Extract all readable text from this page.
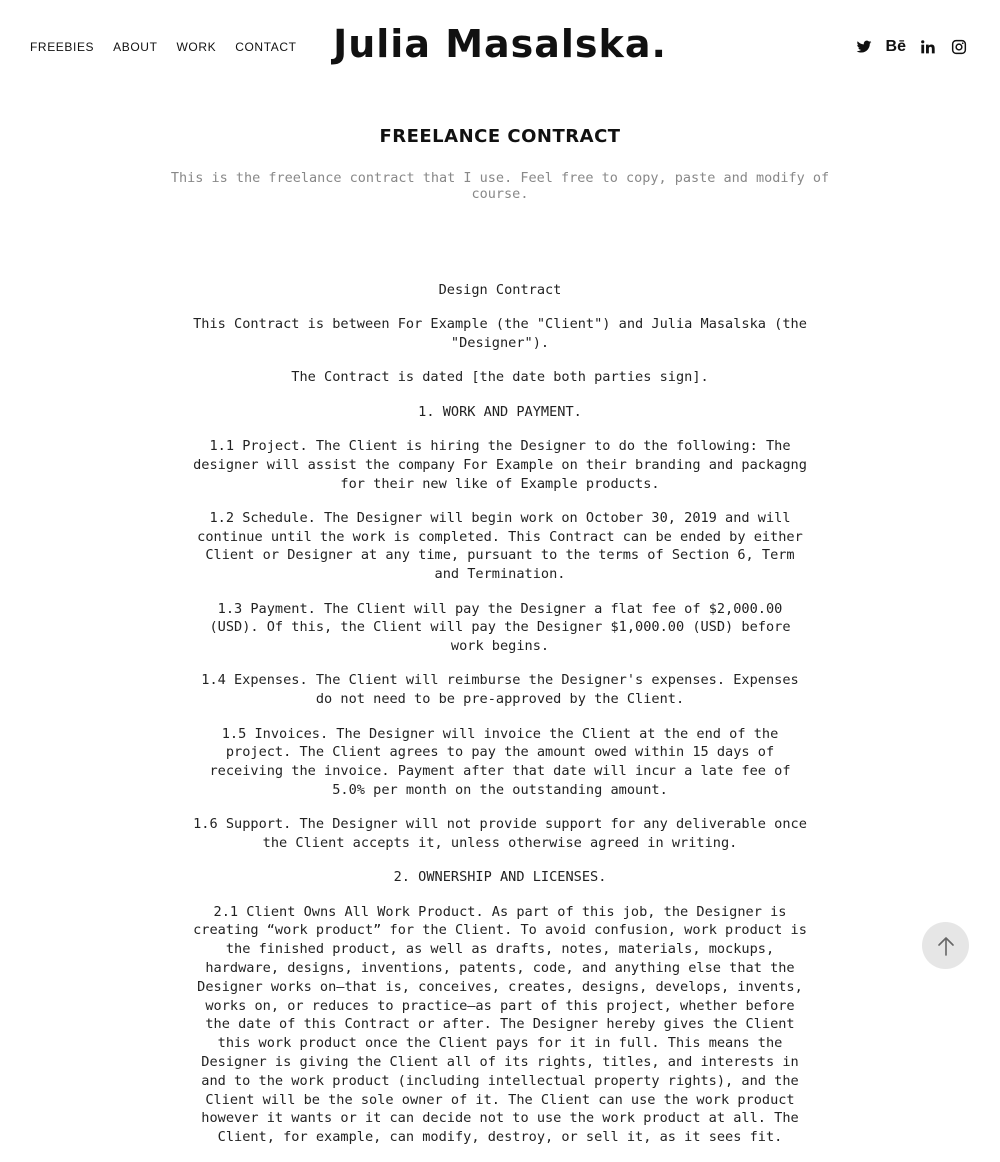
FREEBIES ABOUT WORK CONTACT Julia Masalska.	Bē
FREELANCE CONTRACT

This is the freelance contract that I use. Feel free to copy, paste and modify of course.

Design Contract

This Contract is between For Example (the "Client") and Julia Masalska (the "Designer").

The Contract is dated [the date both parties sign].

1. WORK AND PAYMENT.

1.1 Project. The Client is hiring the Designer to do the following: The designer will assist the company For Example on their branding and packagng for their new like of Example products.

1.2 Schedule. The Designer will begin work on October 30, 2019 and will continue until the work is completed. This Contract can be ended by either Client or Designer at any time, pursuant to the terms of Section 6, Term and Termination.

1.3 Payment. The Client will pay the Designer a flat fee of $2,000.00 (USD). Of this, the Client will pay the Designer $1,000.00 (USD) before work begins.

1.4 Expenses. The Client will reimburse the Designer's expenses. Expenses do not need to be pre-approved by the Client.

1.5 Invoices. The Designer will invoice the Client at the end of the project. The Client agrees to pay the amount owed within 15 days of receiving the invoice. Payment after that date will incur a late fee of 5.0% per month on the outstanding amount.

1.6 Support. The Designer will not provide support for any deliverable once the Client accepts it, unless otherwise agreed in writing.

2. OWNERSHIP AND LICENSES.

2.1 Client Owns All Work Product. As part of this job, the Designer is creating “work product” for the Client. To avoid confusion, work product is the finished product, as well as drafts, notes, materials, mockups, hardware, designs, inventions, patents, code, and anything else that the Designer works on—that is, conceives, creates, designs, develops, invents, works on, or reduces to practice—as part of this project, whether before the date of this Contract or after. The Designer hereby gives the Client this work product once the Client pays for it in full. This means the Designer is giving the Client all of its rights, titles, and interests in and to the work product (including intellectual property rights), and the Client will be the sole owner of it. The Client can use the work product however it wants or it can decide not to use the work product at all. The Client, for example, can modify, destroy, or sell it, as it sees fit.
